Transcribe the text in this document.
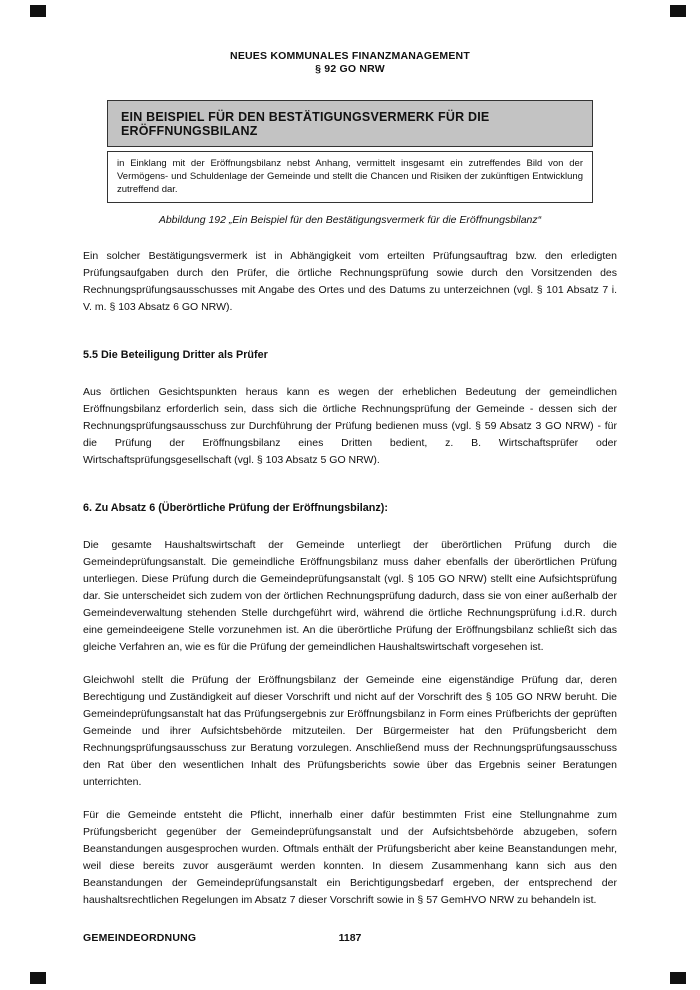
NEUES KOMMUNALES FINANZMANAGEMENT
§ 92 GO NRW
EIN BEISPIEL FÜR DEN BESTÄTIGUNGSVERMERK FÜR DIE ERÖFFNUNGSBILANZ
in Einklang mit der Eröffnungsbilanz nebst Anhang, vermittelt insgesamt ein zutreffendes Bild von der Vermögens- und Schuldenlage der Gemeinde und stellt die Chancen und Risiken der zukünftigen Entwicklung zutreffend dar.
Abbildung 192 „Ein Beispiel für den Bestätigungsvermerk für die Eröffnungsbilanz“

Ein solcher Bestätigungsvermerk ist in Abhängigkeit vom erteilten Prüfungsauftrag bzw. den erledigten Prüfungsaufgaben durch den Prüfer, die örtliche Rechnungsprüfung sowie durch den Vorsitzenden des Rechnungsprüfungsausschusses mit Angabe des Ortes und des Datums zu unterzeichnen (vgl. § 101 Absatz 7 i. V. m. § 103 Absatz 6 GO NRW).

5.5 Die Beteiligung Dritter als Prüfer

Aus örtlichen Gesichtspunkten heraus kann es wegen der erheblichen Bedeutung der gemeindlichen Eröffnungsbilanz erforderlich sein, dass sich die örtliche Rechnungsprüfung der Gemeinde - dessen sich der Rechnungsprüfungsausschuss zur Durchführung der Prüfung bedienen muss (vgl. § 59 Absatz 3 GO NRW) - für die Prüfung der Eröffnungsbilanz eines Dritten bedient, z. B. Wirtschaftsprüfer oder Wirtschaftsprüfungsgesellschaft (vgl. § 103 Absatz 5 GO NRW).

6. Zu Absatz 6 (Überörtliche Prüfung der Eröffnungsbilanz):

Die gesamte Haushaltswirtschaft der Gemeinde unterliegt der überörtlichen Prüfung durch die Gemeindeprüfungsanstalt. Die gemeindliche Eröffnungsbilanz muss daher ebenfalls der überörtlichen Prüfung unterliegen. Diese Prüfung durch die Gemeindeprüfungsanstalt (vgl. § 105 GO NRW) stellt eine Aufsichtsprüfung dar. Sie unterscheidet sich zudem von der örtlichen Rechnungsprüfung dadurch, dass sie von einer außerhalb der Gemeindeverwaltung stehenden Stelle durchgeführt wird, während die örtliche Rechnungsprüfung i.d.R. durch eine gemeindeeigene Stelle vorzunehmen ist. An die überörtliche Prüfung der Eröffnungsbilanz schließt sich das gleiche Verfahren an, wie es für die Prüfung der gemeindlichen Haushaltswirtschaft vorgesehen ist.

Gleichwohl stellt die Prüfung der Eröffnungsbilanz der Gemeinde eine eigenständige Prüfung dar, deren Berechtigung und Zuständigkeit auf dieser Vorschrift und nicht auf der Vorschrift des § 105 GO NRW beruht. Die Gemeindeprüfungsanstalt hat das Prüfungsergebnis zur Eröffnungsbilanz in Form eines Prüfberichts der geprüften Gemeinde und ihrer Aufsichtsbehörde mitzuteilen. Der Bürgermeister hat den Prüfungsbericht dem Rechnungsprüfungsausschuss zur Beratung vorzulegen. Anschließend muss der Rechnungsprüfungsausschuss den Rat über den wesentlichen Inhalt des Prüfungsberichts sowie über das Ergebnis seiner Beratungen unterrichten.

Für die Gemeinde entsteht die Pflicht, innerhalb einer dafür bestimmten Frist eine Stellungnahme zum Prüfungsbericht gegenüber der Gemeindeprüfungsanstalt und der Aufsichtsbehörde abzugeben, sofern Beanstandungen ausgesprochen wurden. Oftmals enthält der Prüfungsbericht aber keine Beanstandungen mehr, weil diese bereits zuvor ausgeräumt werden konnten. In diesem Zusammenhang kann sich aus den Beanstandungen der Gemeindeprüfungsanstalt ein Berichtigungsbedarf ergeben, der entsprechend der haushaltsrechtlichen Regelungen im Absatz 7 dieser Vorschrift sowie in § 57 GemHVO NRW zu behandeln ist.

GEMEINDEORDNUNG	1187
